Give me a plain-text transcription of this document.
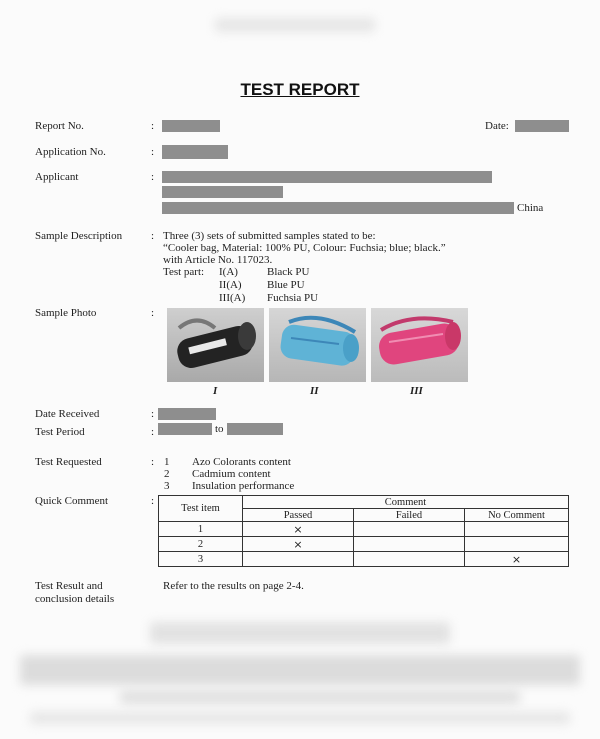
TEST REPORT
Report No.	:	Date:
Application No.	:
Applicant	:
China
Sample Description	: Three (3) sets of submitted samples stated to be:
“Cooler bag, Material: 100% PU, Colour: Fuchsia; blue; black.”
with Article No. 117023.
Test part: I(A)	Black PU
II(A) Blue PU
III(A) Fuchsia PU
Sample Photo	:
I	II	III
Date Received	:
Test Period	:	to
Test Requested	: 1 Azo Colorants content
2 Cadmium content
3 Insulation performance
Quick Comment	:
Test item	Comment		
	Passed	Failed	No Comment
1	×		
2	×		
3			×
Test Result and
conclusion details
Refer to the results on page 2-4.
